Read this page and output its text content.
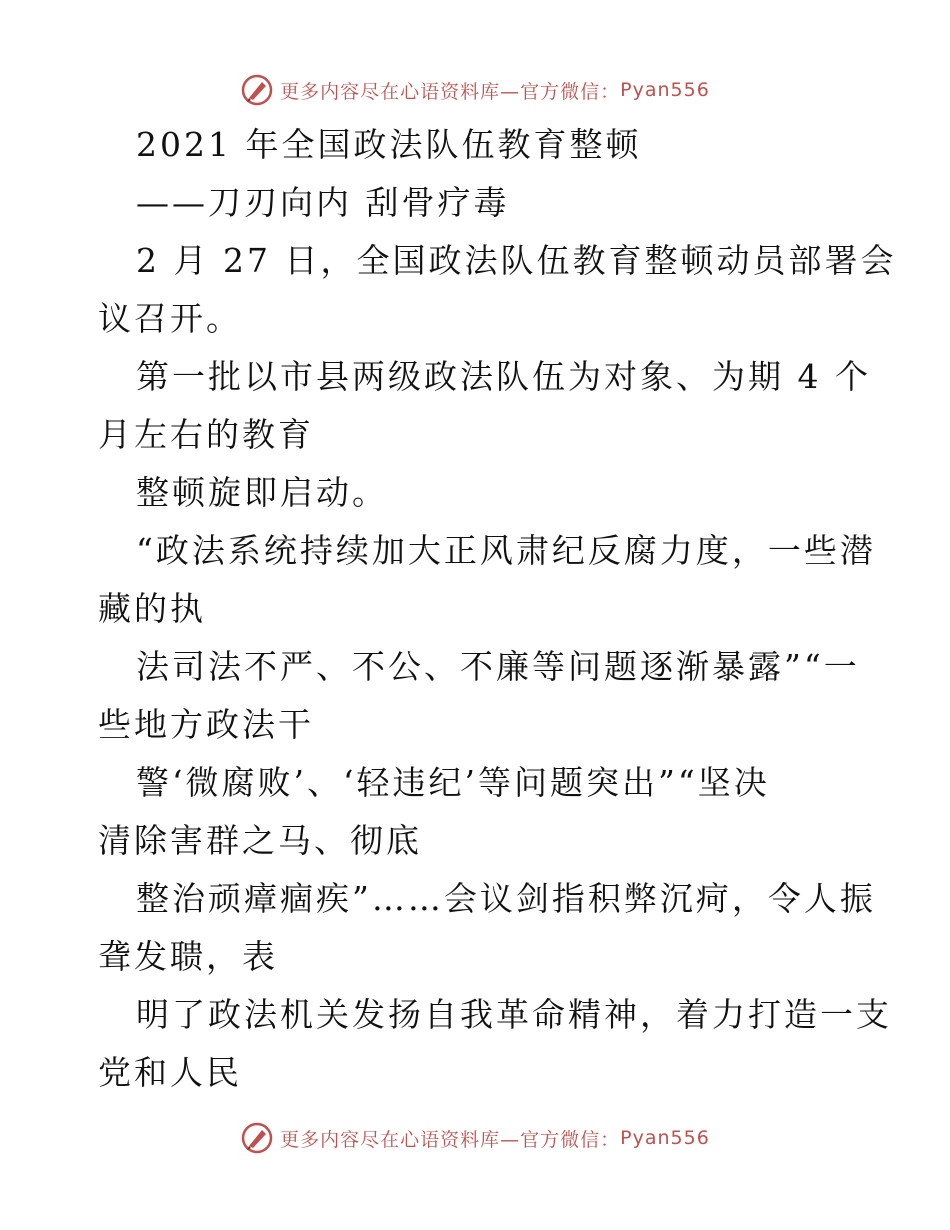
更多内容尽在心语资料库—官方微信： Pyan556
2021 年全国政法队伍教育整顿
——刀刃向内 刮骨疗毒
2 月 27 日，全国政法队伍教育整顿动员部署会
议召开。
第一批以市县两级政法队伍为对象、为期 4 个
月左右的教育
整顿旋即启动。
“政法系统持续加大正风肃纪反腐力度，一些潜
藏的执
法司法不严、不公、不廉等问题逐渐暴露”“一
些地方政法干
警‘微腐败’、‘轻违纪’等问题突出”“坚决
清除害群之马、彻底
整治顽瘴痼疾”……会议剑指积弊沉疴，令人振
聋发聩，表
明了政法机关发扬自我革命精神，着力打造一支
党和人民
更多内容尽在心语资料库—官方微信： Pyan556
